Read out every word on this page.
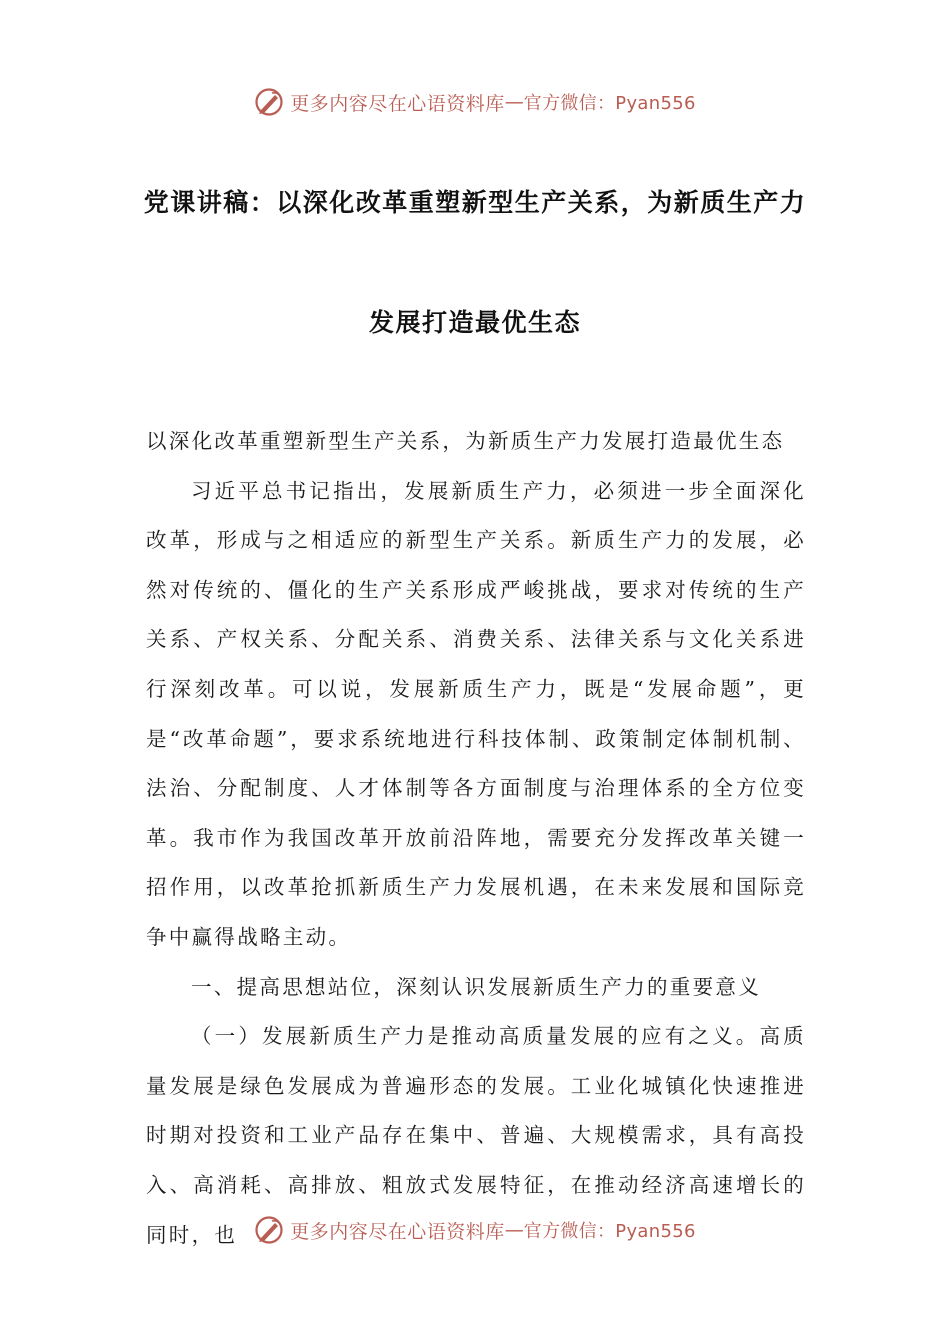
更多内容尽在心语资料库 — 官方微信：Pyan556
党课讲稿：以深化改革重塑新型生产关系，为新质生产力
发展打造最优生态

以深化改革重塑新型生产关系，为新质生产力发展打造最优生态

习近平总书记指出，发展新质生产力，必须进一步全面深化改革，形成与之相适应的新型生产关系。新质生产力的发展，必然对传统的、僵化的生产关系形成严峻挑战，要求对传统的生产关系、产权关系、分配关系、消费关系、法律关系与文化关系进行深刻改革。可以说，发展新质生产力，既是“发展命题”，更是“改革命题”，要求系统地进行科技体制、政策制定体制机制、法治、分配制度、人才体制等各方面制度与治理体系的全方位变革。我市作为我国改革开放前沿阵地，需要充分发挥改革关键一招作用，以改革抢抓新质生产力发展机遇，在未来发展和国际竞争中赢得战略主动。

一、提高思想站位，深刻认识发展新质生产力的重要意义

（一）发展新质生产力是推动高质量发展的应有之义。高质量发展是绿色发展成为普遍形态的发展。工业化城镇化快速推进时期对投资和工业产品存在集中、普遍、大规模需求，具有高投入、高消耗、高排放、粗放式发展特征，在推动经济高速增长的同时，也	更多内容尽在心语资料库 — 官方微信：Pyan556
